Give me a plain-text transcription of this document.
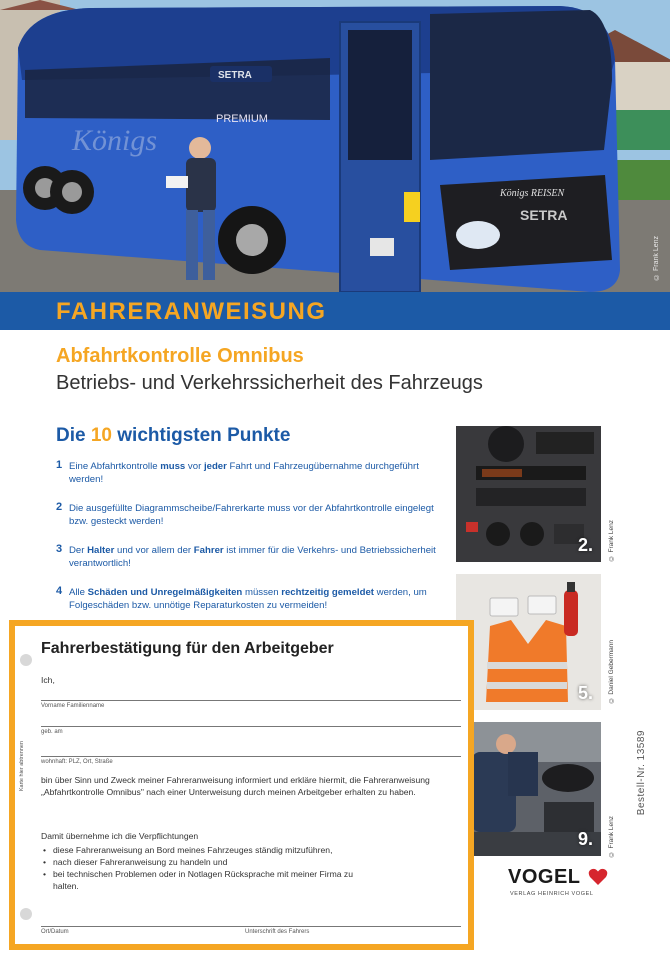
SETRA
Königs REISEN
SETRA
PREMIUM
Königs
© Frank Lenz
FAHRERANWEISUNG
Abfahrtkontrolle Omnibus
Betriebs- und Verkehrssicherheit des Fahrzeugs
Die 10 wichtigsten Punkte
1 Eine Abfahrtkontrolle muss vor jeder Fahrt und Fahrzeugübernahme durchgeführt werden!
2 Die ausgefüllte Diagrammscheibe/Fahrerkarte muss vor der Abfahrtkontrolle eingelegt bzw. gesteckt werden!
3 Der Halter und vor allem der Fahrer ist immer für die Verkehrs- und Betriebssicherheit verantwortlich!
4 Alle Schäden und Unregelmäßigkeiten müssen rechtzeitig gemeldet werden, um Folgeschäden bzw. unnötige Reparaturkosten zu vermeiden!
2. © Frank Lenz
5. © Daniel Gebermann
9. © Frank Lenz
Bestell-Nr. 13589
VOGEL
VERLAG HEINRICH VOGEL
Karte hier abtrennen
Fahrerbestätigung für den Arbeitgeber
Ich,
Vorname Familienname
geb. am
wohnhaft: PLZ, Ort, Straße
bin über Sinn und Zweck meiner Fahreranweisung informiert und erkläre hiermit, die Fahreranweisung „Abfahrtkontrolle Omnibus" nach einer Unterweisung durch meinen Arbeitgeber erhalten zu haben.
Damit übernehme ich die Verpflichtungen
• diese Fahreranweisung an Bord meines Fahrzeuges ständig mitzuführen,
• nach dieser Fahreranweisung zu handeln und
• bei technischen Problemen oder in Notlagen Rücksprache mit meiner Firma zu halten.
Ort/Datum	Unterschrift des Fahrers
